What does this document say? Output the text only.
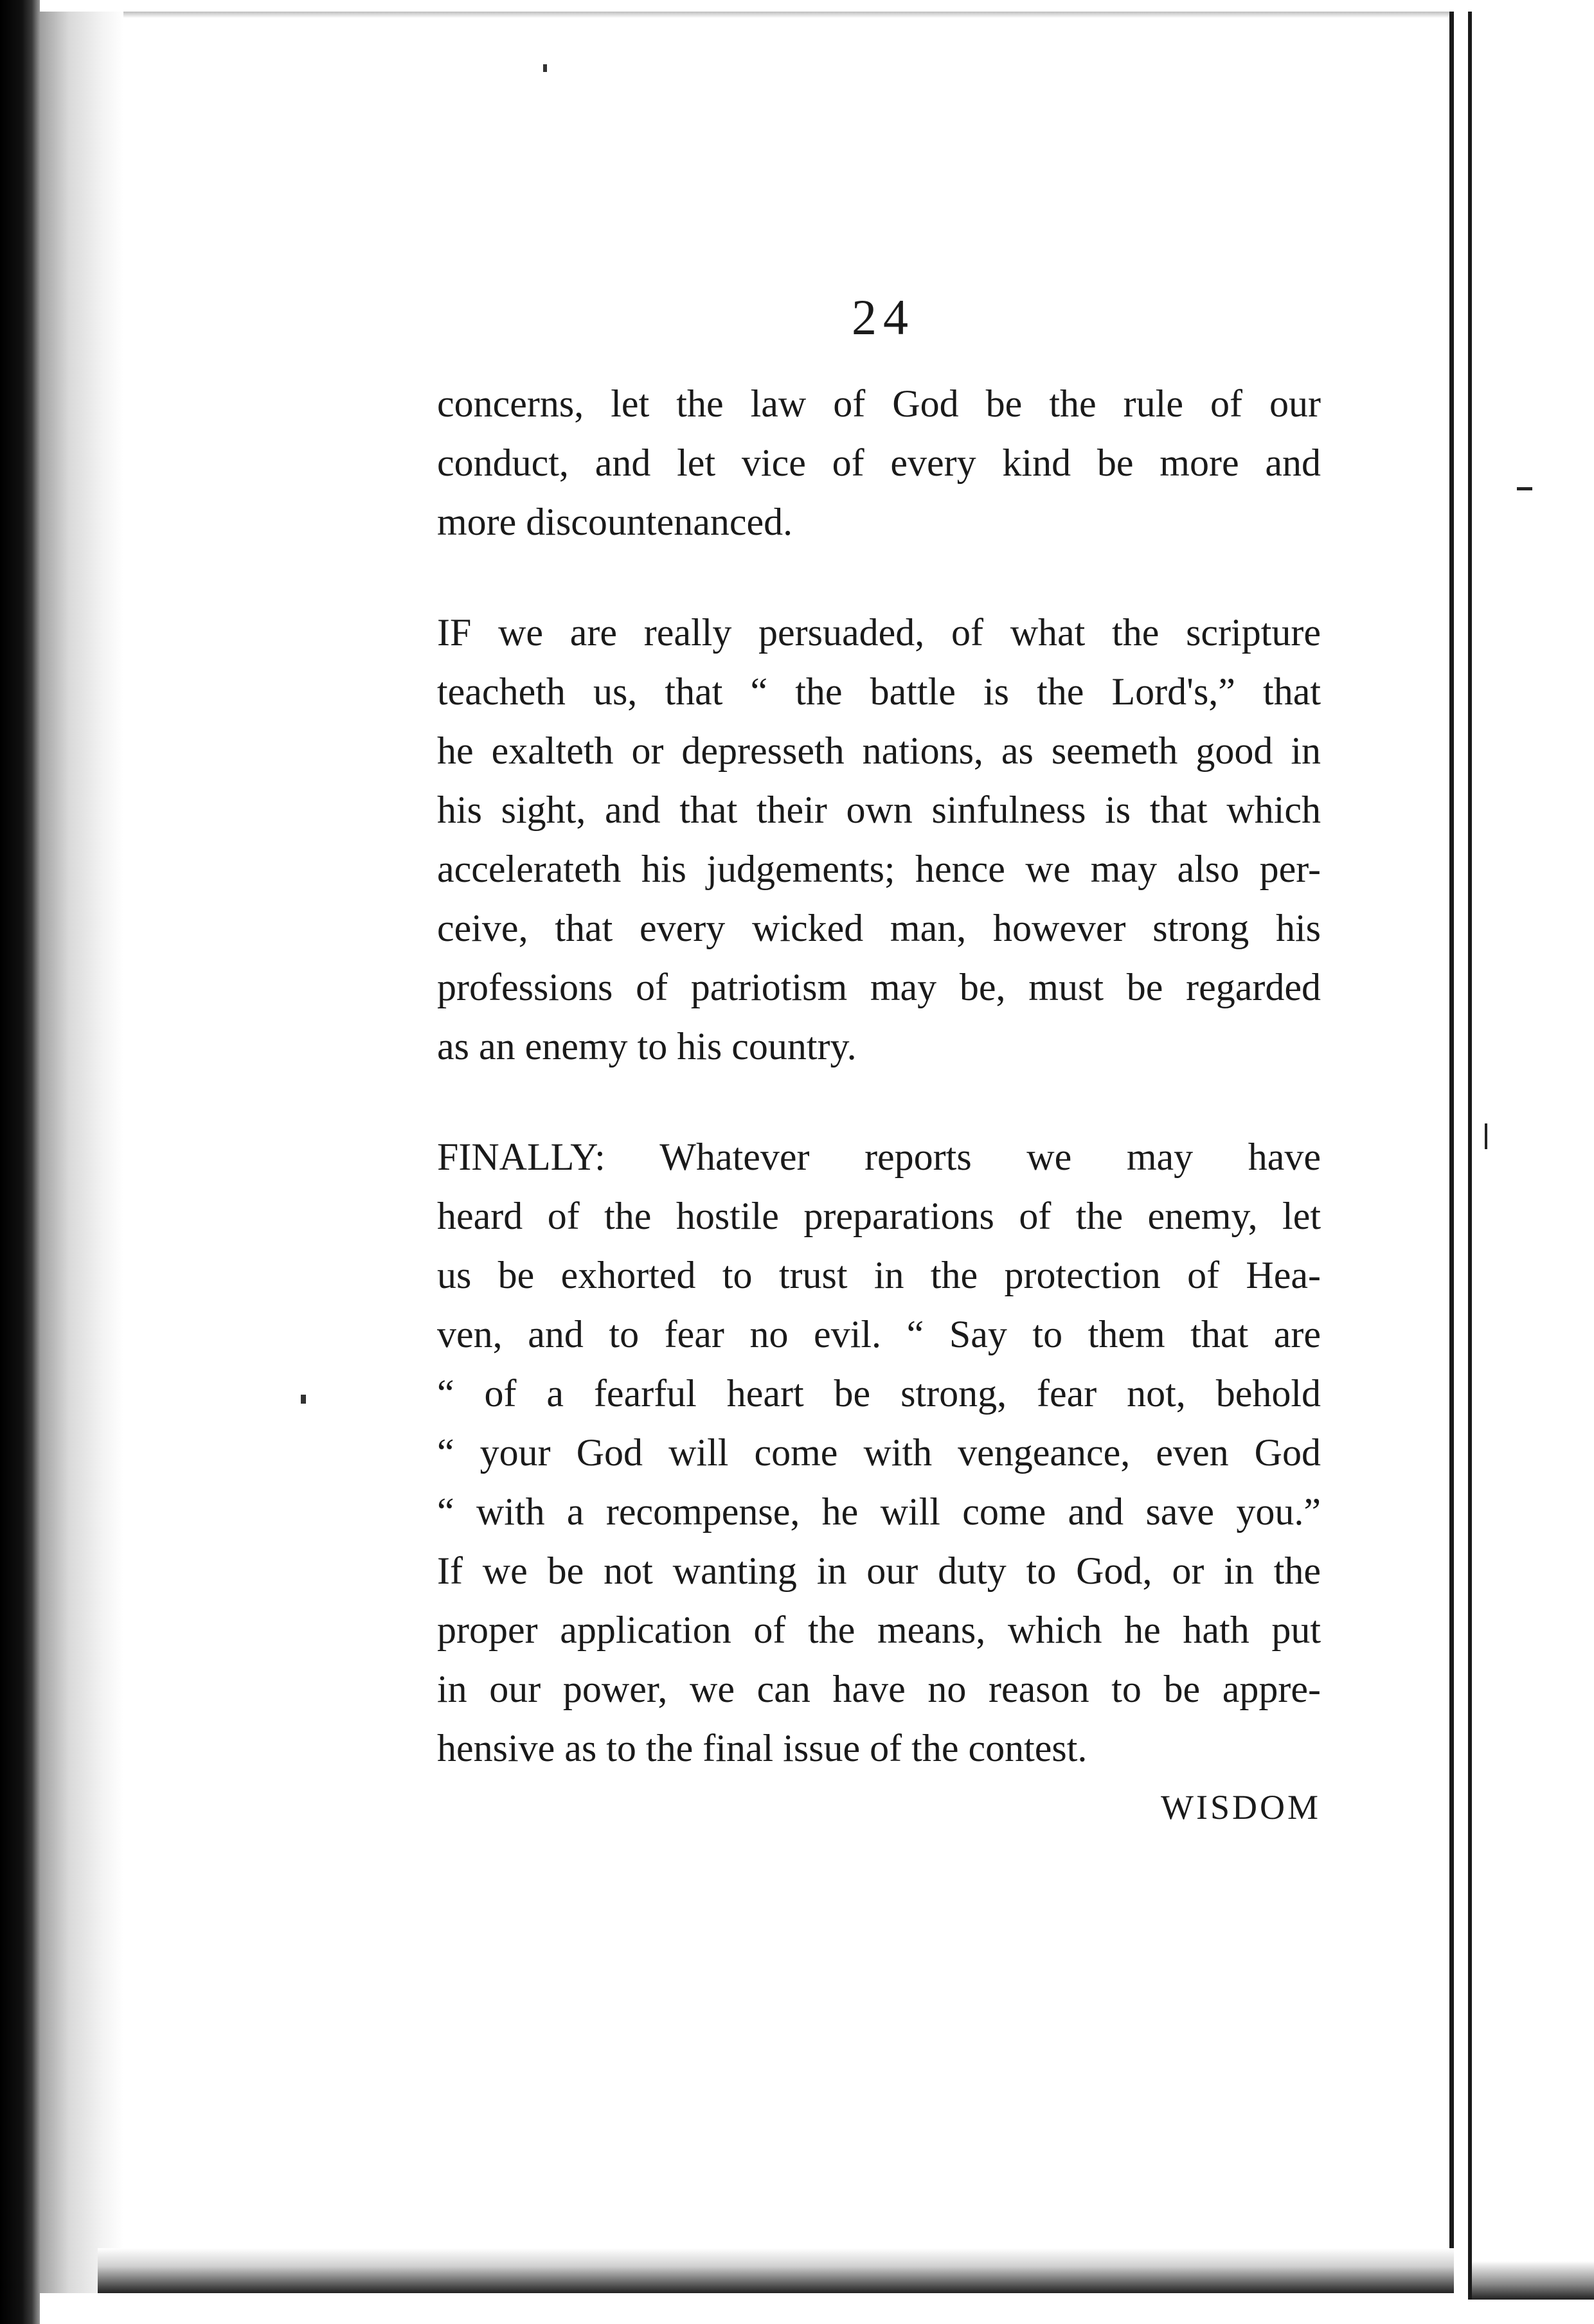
24
concerns, let the law of God be the rule of our
conduct, and let vice of every kind be more and
more discountenanced.
IF we are really persuaded, of what the scripture
teacheth us, that “ the battle is the Lord's,” that
he exalteth or depresseth nations, as seemeth good in
his sight, and that their own sinfulness is that which
accelerateth his judgements; hence we may also per-
ceive, that every wicked man, however strong his
professions of patriotism may be, must be regarded
as an enemy to his country.
FINALLY: Whatever reports we may have
heard of the hostile preparations of the enemy, let
us be exhorted to trust in the protection of Hea-
ven, and to fear no evil. “ Say to them that are
“ of a fearful heart be strong, fear not, behold
“ your God will come with vengeance, even God
“ with a recompense, he will come and save you.”
If we be not wanting in our duty to God, or in the
proper application of the means, which he hath put
in our power, we can have no reason to be appre-
hensive as to the final issue of the contest.
WISDOM
